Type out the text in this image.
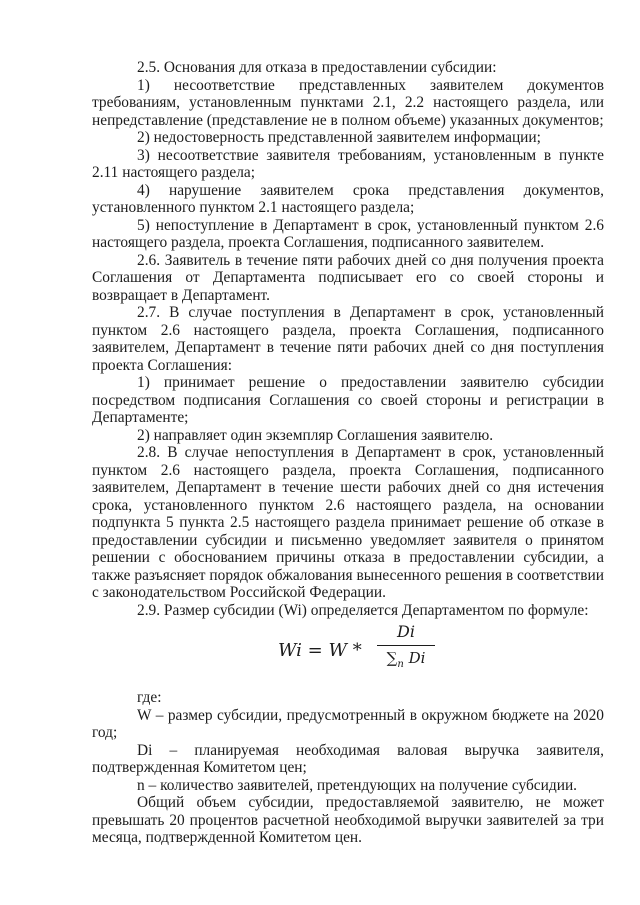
2.5. Основания для отказа в предоставлении субсидии:

1) несоответствие представленных заявителем документов требованиям, установленным пунктами 2.1, 2.2 настоящего раздела, или непредставление (представление не в полном объеме) указанных документов;

2) недостоверность представленной заявителем информации;

3) несоответствие заявителя требованиям, установленным в пункте 2.11 настоящего раздела;

4) нарушение заявителем срока представления документов, установленного пунктом 2.1 настоящего раздела;

5) непоступление в Департамент в срок, установленный пунктом 2.6 настоящего раздела, проекта Соглашения, подписанного заявителем.

2.6. Заявитель в течение пяти рабочих дней со дня получения проекта Соглашения от Департамента подписывает его со своей стороны и возвращает в Департамент.

2.7. В случае поступления в Департамент в срок, установленный пунктом 2.6 настоящего раздела, проекта Соглашения, подписанного заявителем, Департамент в течение пяти рабочих дней со дня поступления проекта Соглашения:

1) принимает решение о предоставлении заявителю субсидии посредством подписания Соглашения со своей стороны и регистрации в Департаменте;

2) направляет один экземпляр Соглашения заявителю.

2.8. В случае непоступления в Департамент в срок, установленный пунктом 2.6 настоящего раздела, проекта Соглашения, подписанного заявителем, Департамент в течение шести рабочих дней со дня истечения срока, установленного пунктом 2.6 настоящего раздела, на основании подпункта 5 пункта 2.5 настоящего раздела принимает решение об отказе в предоставлении субсидии и письменно уведомляет заявителя о принятом решении с обоснованием причины отказа в предоставлении субсидии, а также разъясняет порядок обжалования вынесенного решения в соответствии с законодательством Российской Федерации.

2.9. Размер субсидии (Wi) определяется Департаментом по формуле:

Wi = W *
Di
$\sum_n$ Di

где:

W – размер субсидии, предусмотренный в окружном бюджете на 2020 год;

Di – планируемая необходимая валовая выручка заявителя, подтвержденная Комитетом цен;

n – количество заявителей, претендующих на получение субсидии.

Общий объем субсидии, предоставляемой заявителю, не может превышать 20 процентов расчетной необходимой выручки заявителей за три месяца, подтвержденной Комитетом цен.
